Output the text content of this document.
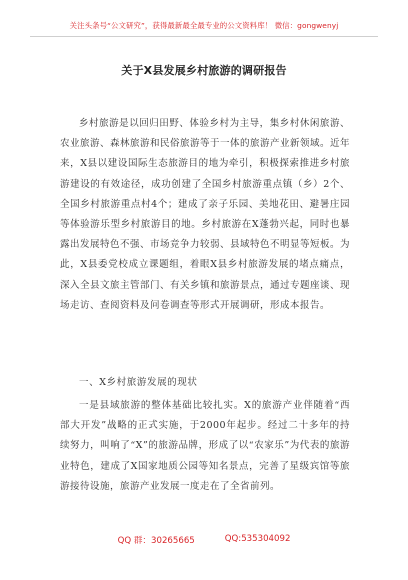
关注头条号“公文研究”，获得最新最全最专业的公文资料库！ 微信：gongwenyj
关于X县发展乡村旅游的调研报告

乡村旅游是以回归田野、体验乡村为主导，集乡村休闲旅游、农业旅游、森林旅游和民俗旅游等于一体的旅游产业新领域。近年来，X县以建设国际生态旅游目的地为牵引，积极探索推进乡村旅游建设的有效途径，成功创建了全国乡村旅游重点镇（乡）2个、全国乡村旅游重点村4个；建成了亲子乐园、美地花田、避暑庄园等体验游乐型乡村旅游目的地。乡村旅游在X蓬勃兴起，同时也暴露出发展特色不强、市场竞争力较弱、县域特色不明显等短板。为此，X县委党校成立课题组，着眼X县乡村旅游发展的堵点痛点，深入全县文旅主管部门、有关乡镇和旅游景点，通过专题座谈、现场走访、查阅资料及问卷调查等形式开展调研，形成本报告。

一、X乡村旅游发展的现状

一是县域旅游的整体基础比较扎实。X的旅游产业伴随着“西部大开发”战略的正式实施，于2000年起步。经过二十多年的持续努力，叫响了“X”的旅游品牌，形成了以“农家乐”为代表的旅游业特色，建成了X国家地质公园等知名景点，完善了星级宾馆等旅游接待设施，旅游产业发展一度走在了全省前列。

QQ 群：30265665	QQ:535304092
